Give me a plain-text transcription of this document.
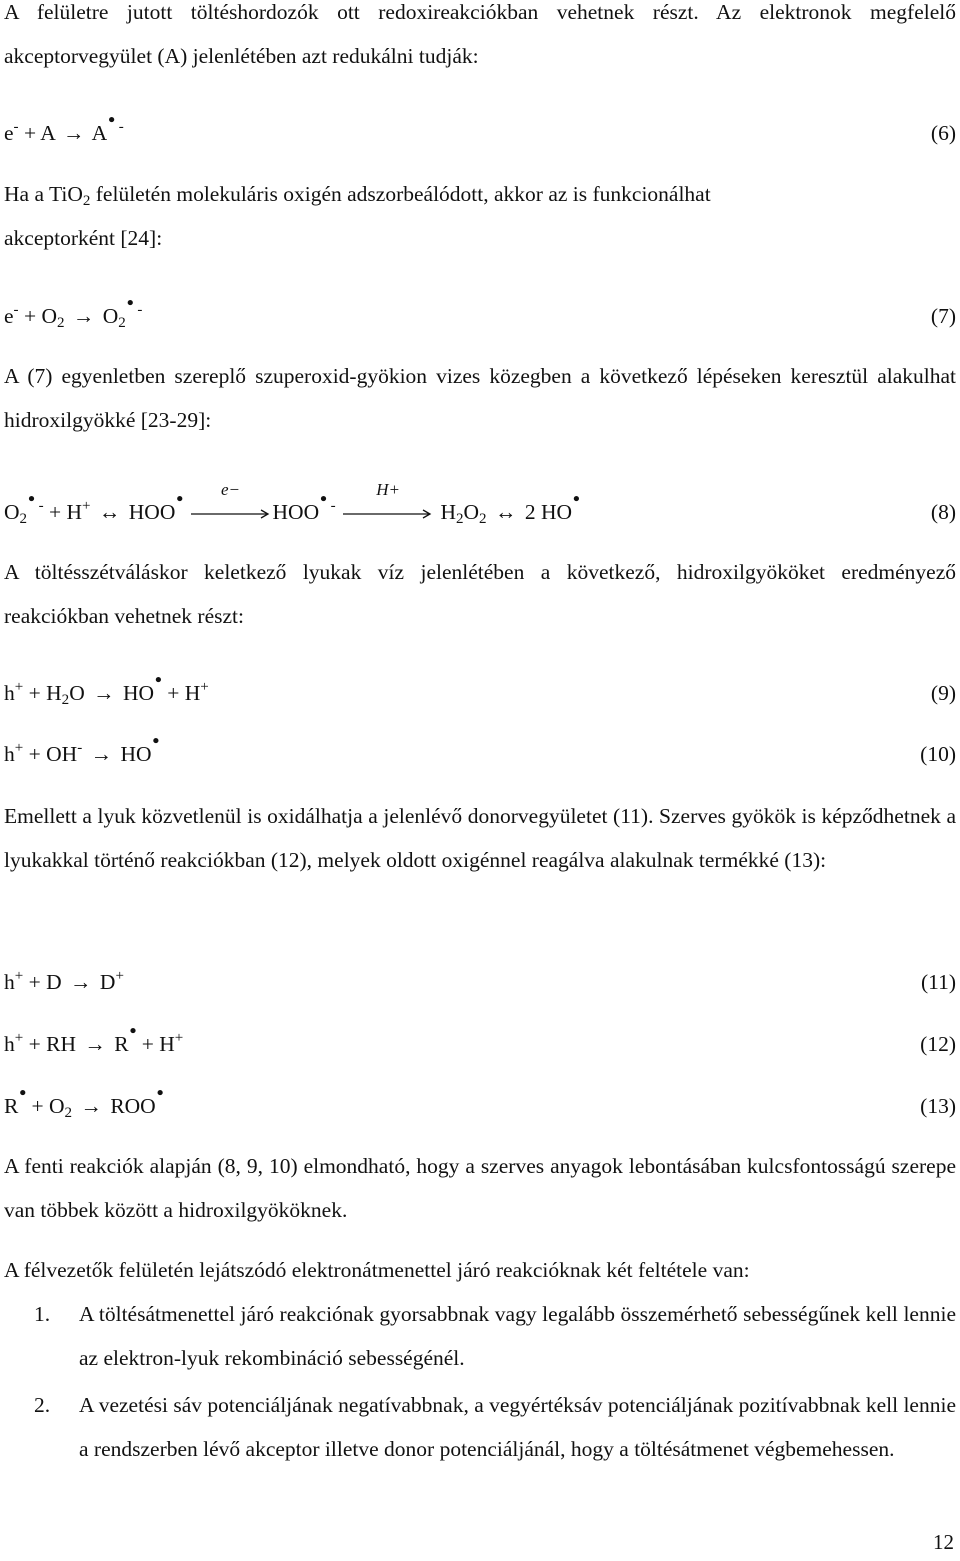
A felületre jutott töltéshordozók ott redoxireakciókban vehetnek részt. Az elektronok megfelelő akceptorvegyület (A) jelenlétében azt redukálni tudják:

e- + A → A• -	(6)

Ha a TiO$_2$ felületén molekuláris oxigén adszorbeálódott, akkor az is funkcionálhat
akceptorként [24]:

$e^- + O_2$ → $O_2•$ -	(7)

A (7) egyenletben szereplő szuperoxid-gyökion vizes közegben a következő lépéseken keresztül alakulhat hidroxilgyökké [23-29]:

$O_2•$ - + H+ ↔ HOO•	e−
HOO• -
H+
$H_2O_2$ ↔ 2 HO•
(8)

A töltésszétváláskor keletkező lyukak víz jelenlétében a következő, hidroxilgyököket eredményező reakciókban vehetnek részt:

$h^+ + H_2O$ → HO• + H+	(9)
h+ + OH- → HO•
(10)

Emellett a lyuk közvetlenül is oxidálhatja a jelenlévő donorvegyületet (11). Szerves gyökök is képződhetnek a lyukakkal történő reakciókban (12), melyek oldott oxigénnel reagálva alakulnak termékké (13):

h+ + D → D+	(11)
h+ + RH → R• + H+	(12)
R• + $O_2$ → ROO•
(13)

A fenti reakciók alapján (8, 9, 10) elmondható, hogy a szerves anyagok lebontásában kulcsfontosságú szerepe van többek között a hidroxilgyököknek.

A félvezetők felületén lejátszódó elektronátmenettel járó reakcióknak két feltétele van:

1. A töltésátmenettel járó reakciónak gyorsabbnak vagy legalább összemérhető sebességűnek kell lennie az elektron-lyuk rekombináció sebességénél.

2. A vezetési sáv potenciáljának negatívabbnak, a vegyértéksáv potenciáljának pozitívabbnak kell lennie a rendszerben lévő akceptor illetve donor potenciáljánál, hogy a töltésátmenet végbemehessen.

12
